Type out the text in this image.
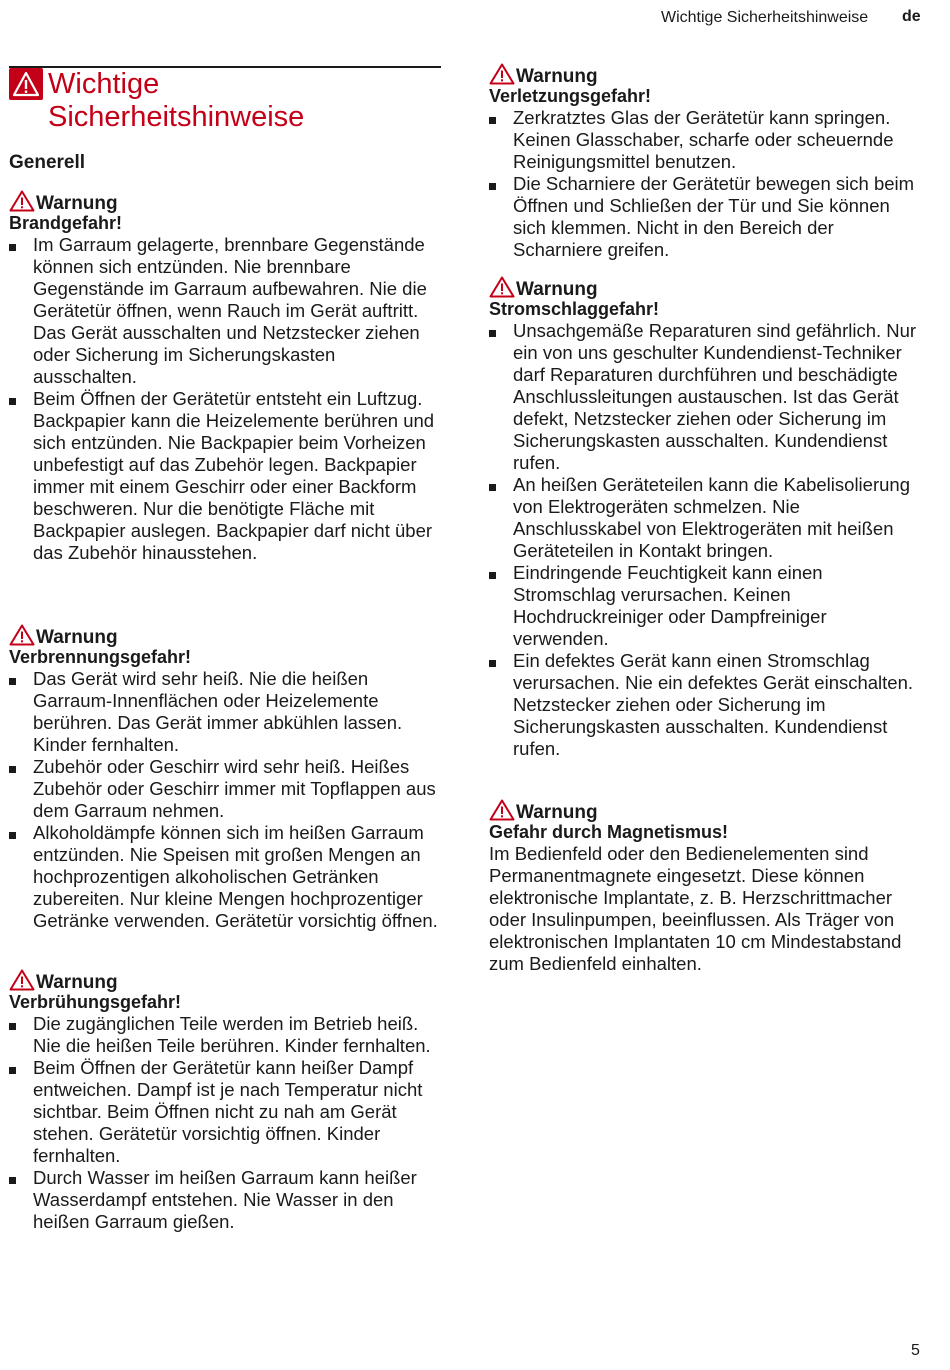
Wichtige Sicherheitshinweise de
Wichtige
Sicherheitshinweise
Generell
Warnung
Brandgefahr!
Im Garraum gelagerte, brennbare Gegenstände können sich entzünden. Nie brennbare Gegenstände im Garraum aufbewahren. Nie die Gerätetür öffnen, wenn Rauch im Gerät auftritt. Das Gerät ausschalten und Netzstecker ziehen oder Sicherung im Sicherungskasten ausschalten.
Beim Öffnen der Gerätetür entsteht ein Luftzug. Backpapier kann die Heizelemente berühren und sich entzünden. Nie Backpapier beim Vorheizen unbefestigt auf das Zubehör legen. Backpapier immer mit einem Geschirr oder einer Backform beschweren. Nur die benötigte Fläche mit Backpapier auslegen. Backpapier darf nicht über das Zubehör hinausstehen.
Warnung
Verbrennungsgefahr!
Das Gerät wird sehr heiß. Nie die heißen Garraum-Innenflächen oder Heizelemente berühren. Das Gerät immer abkühlen lassen. Kinder fernhalten.
Zubehör oder Geschirr wird sehr heiß. Heißes Zubehör oder Geschirr immer mit Topflappen aus dem Garraum nehmen.
Alkoholdämpfe können sich im heißen Garraum entzünden. Nie Speisen mit großen Mengen an hochprozentigen alkoholischen Getränken zubereiten. Nur kleine Mengen hochprozentiger Getränke verwenden. Gerätetür vorsichtig öffnen.
Warnung
Verbrühungsgefahr!
Die zugänglichen Teile werden im Betrieb heiß. Nie die heißen Teile berühren. Kinder fernhalten.
Beim Öffnen der Gerätetür kann heißer Dampf entweichen. Dampf ist je nach Temperatur nicht sichtbar. Beim Öffnen nicht zu nah am Gerät stehen. Gerätetür vorsichtig öffnen. Kinder fernhalten.
Durch Wasser im heißen Garraum kann heißer Wasserdampf entstehen. Nie Wasser in den heißen Garraum gießen.
Warnung
Verletzungsgefahr!
Zerkratztes Glas der Gerätetür kann springen. Keinen Glasschaber, scharfe oder scheuernde Reinigungsmittel benutzen.
Die Scharniere der Gerätetür bewegen sich beim Öffnen und Schließen der Tür und Sie können sich klemmen. Nicht in den Bereich der Scharniere greifen.
Warnung
Stromschlaggefahr!
Unsachgemäße Reparaturen sind gefährlich. Nur ein von uns geschulter Kundendienst-Techniker darf Reparaturen durchführen und beschädigte Anschlussleitungen austauschen. Ist das Gerät defekt, Netzstecker ziehen oder Sicherung im Sicherungskasten ausschalten. Kundendienst rufen.
An heißen Geräteteilen kann die Kabelisolierung von Elektrogeräten schmelzen. Nie Anschlusskabel von Elektrogeräten mit heißen Geräteteilen in Kontakt bringen.
Eindringende Feuchtigkeit kann einen Stromschlag verursachen. Keinen Hochdruckreiniger oder Dampfreiniger verwenden.
Ein defektes Gerät kann einen Stromschlag verursachen. Nie ein defektes Gerät einschalten. Netzstecker ziehen oder Sicherung im Sicherungskasten ausschalten. Kundendienst rufen.
Warnung
Gefahr durch Magnetismus!
Im Bedienfeld oder den Bedienelementen sind Permanentmagnete eingesetzt. Diese können elektronische Implantate, z. B. Herzschrittmacher oder Insulinpumpen, beeinflussen. Als Träger von elektronischen Implantaten 10 cm Mindestabstand zum Bedienfeld einhalten.
5
